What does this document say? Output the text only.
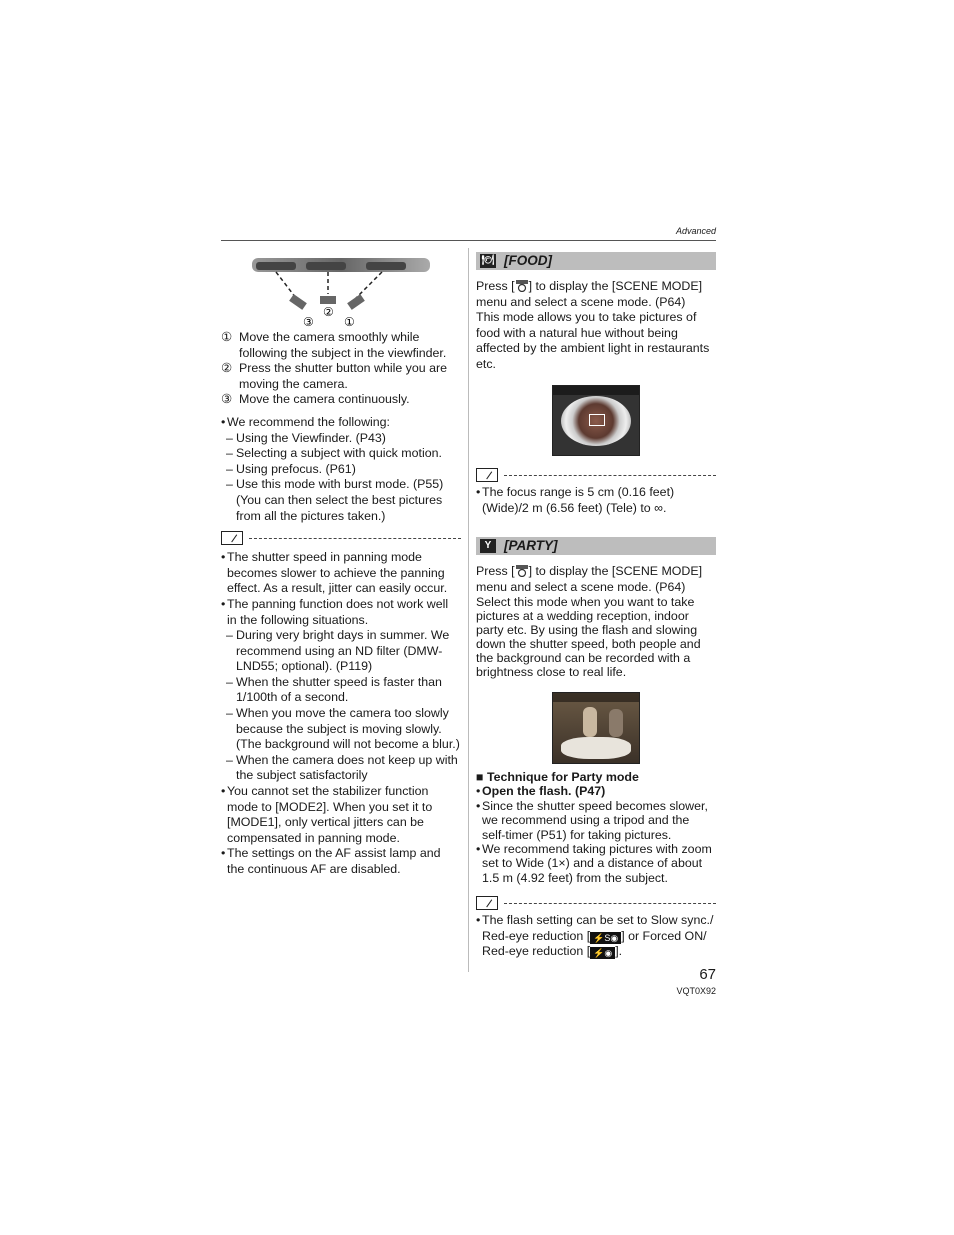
Advanced
②
③	①
① Move the camera smoothly while following the subject in the viewfinder.
② Press the shutter button while you are moving the camera.
③ Move the camera continuously.
• We recommend the following:
– Using the Viewfinder. (P43)
– Selecting a subject with quick motion.
– Using prefocus. (P61)
– Use this mode with burst mode. (P55) (You can then select the best pictures from all the pictures taken.)
• The shutter speed in panning mode becomes slower to achieve the panning effect. As a result, jitter can easily occur.
• The panning function does not work well in the following situations.
– During very bright days in summer. We recommend using an ND filter (DMW-LND55; optional). (P119)
– When the shutter speed is faster than 1/100th of a second.
– When you move the camera too slowly because the subject is moving slowly. (The background will not become a blur.)
– When the camera does not keep up with the subject satisfactorily
• You cannot set the stabilizer function mode to [MODE2]. When you set it to [MODE1], only vertical jitters can be compensated in panning mode.
• The settings on the AF assist lamp and the continuous AF are disabled.
🍽 [FOOD]
Press [ ] to display the [SCENE MODE] menu and select a scene mode. (P64)
This mode allows you to take pictures of food with a natural hue without being affected by the ambient light in restaurants etc.
• The focus range is 5 cm (0.16 feet) (Wide)/2 m (6.56 feet) (Tele) to ∞.
Y [PARTY]
Press [ ] to display the [SCENE MODE] menu and select a scene mode. (P64)
Select this mode when you want to take pictures at a wedding reception, indoor party etc. By using the flash and slowing down the shutter speed, both people and the background can be recorded with a brightness close to real life.
■ Technique for Party mode
• Open the flash. (P47)
• Since the shutter speed becomes slower, we recommend using a tripod and the self-timer (P51) for taking pictures.
• We recommend taking pictures with zoom set to Wide (1×) and a distance of about 1.5 m (4.92 feet) from the subject.
• The flash setting can be set to Slow sync./ Red-eye reduction [ ⚡S◉ ] or Forced ON/ Red-eye reduction [ ⚡◉ ].
67
VQT0X92
